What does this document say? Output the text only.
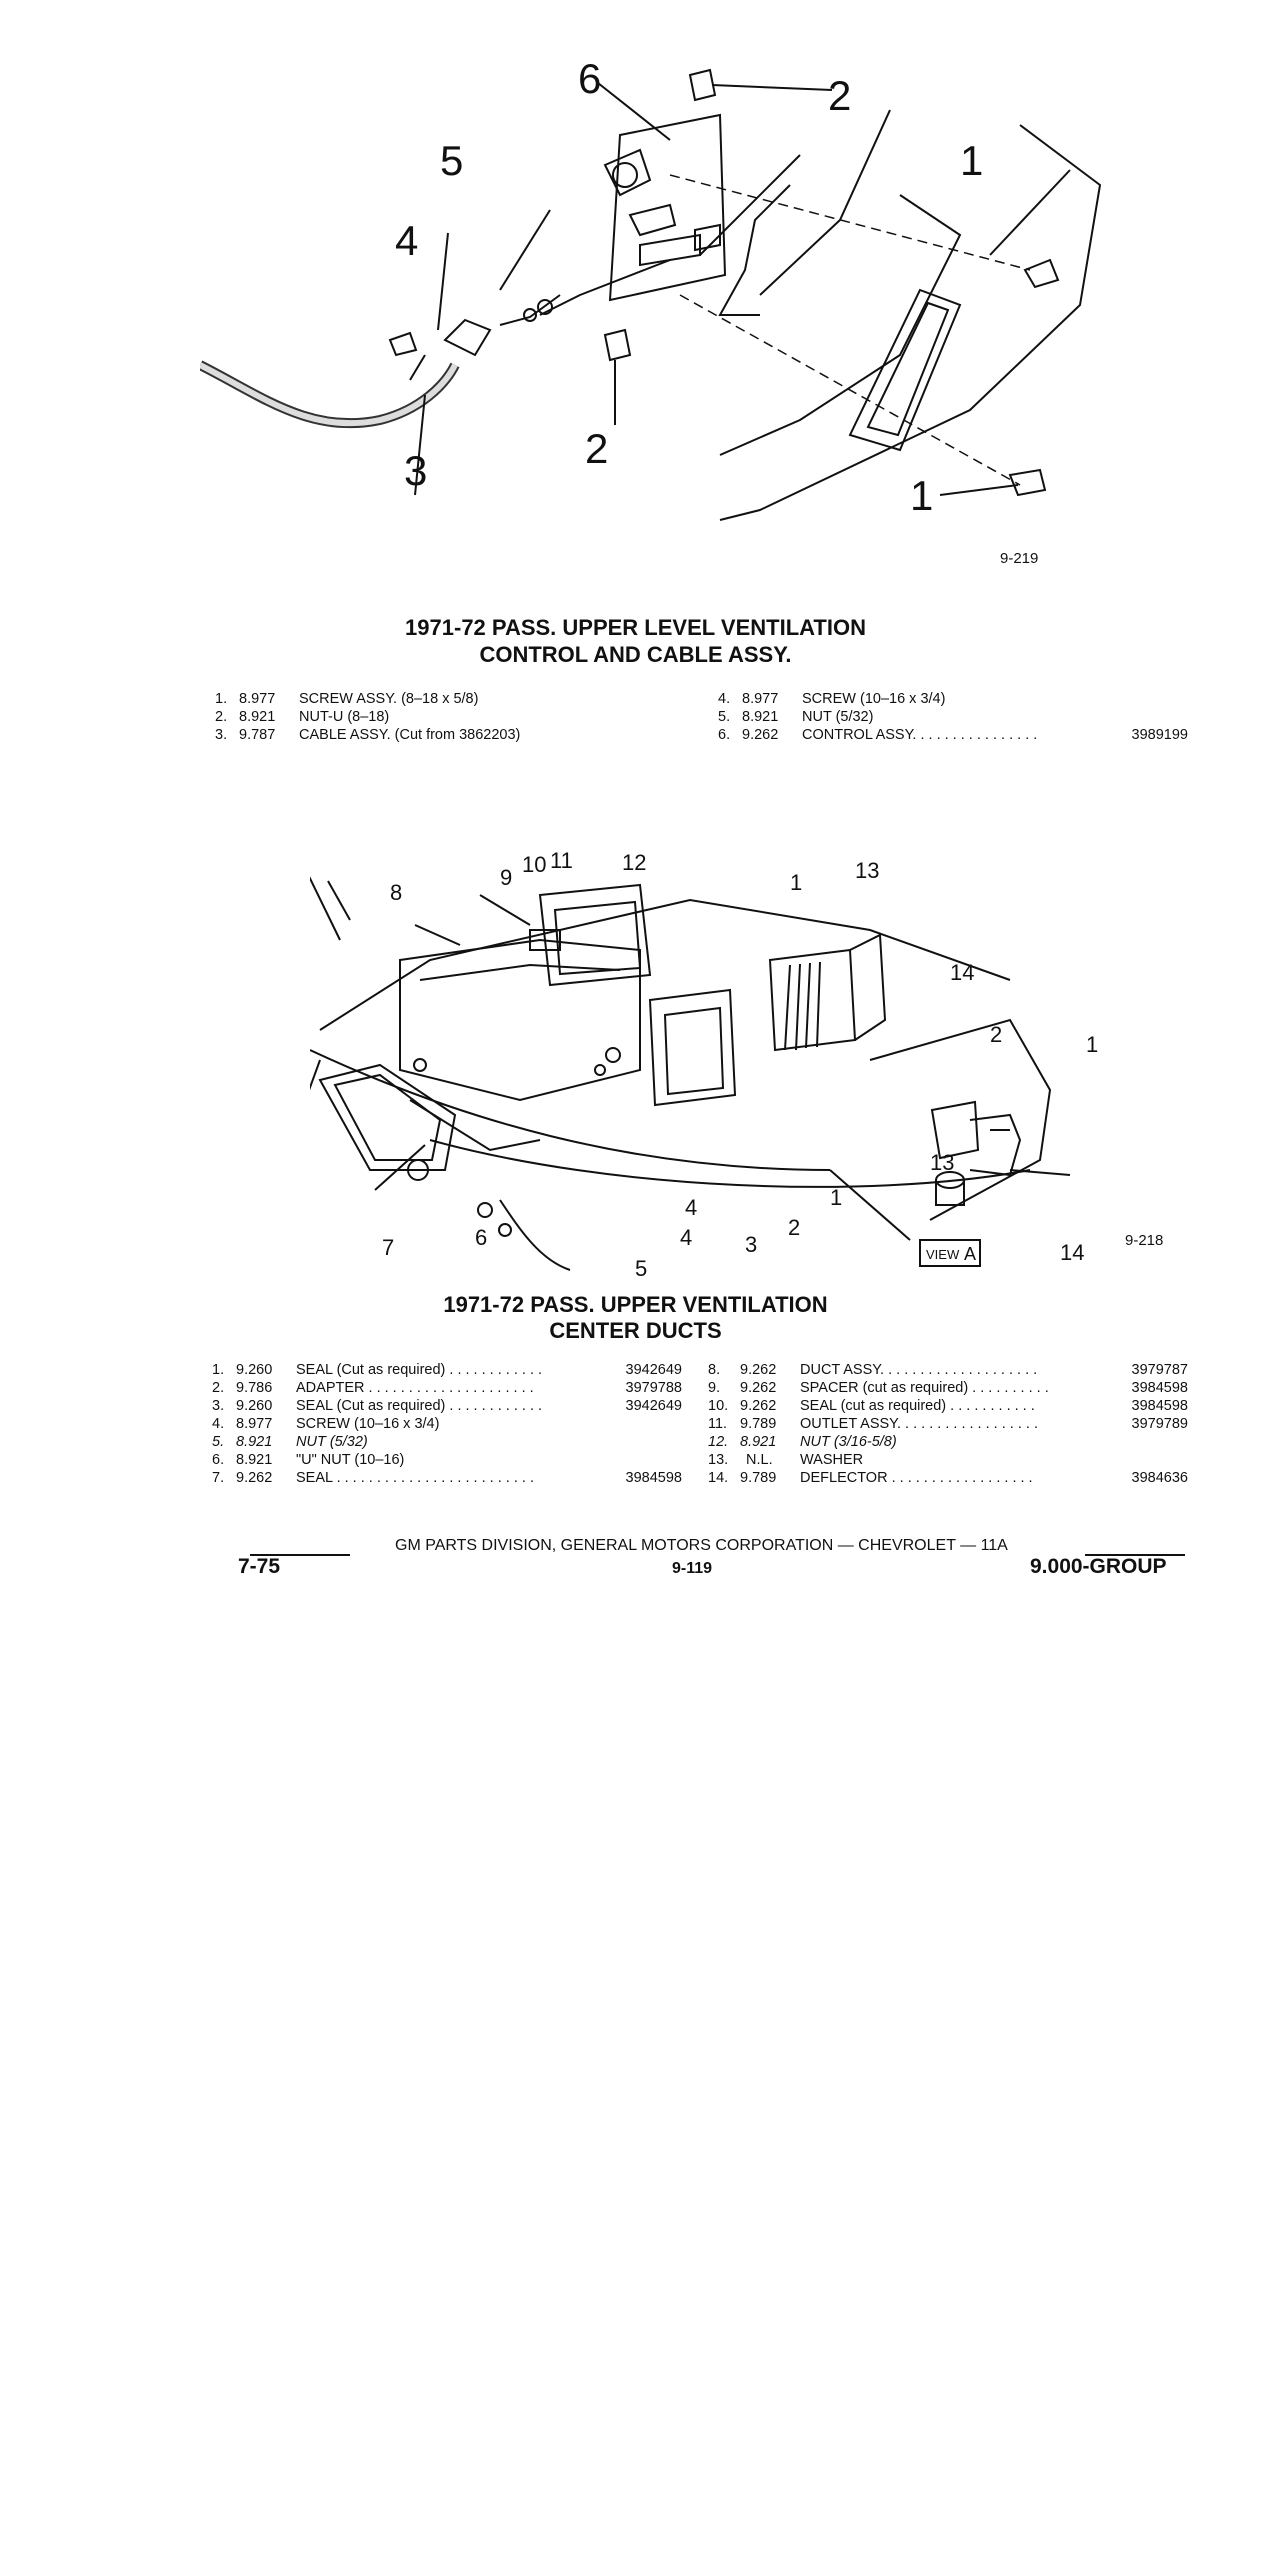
6	2
1
5
4
3	2
1
9-219
1971-72 PASS. UPPER LEVEL VENTILATION
CONTROL AND CABLE ASSY.
1. 8.977 SCREW ASSY. (8–18 x 5/8)
2. 8.921 NUT-U (8–18)
3. 9.787 CABLE ASSY. (Cut from 3862203)
4. 8.977 SCREW (10–16 x 3/4)
5. 8.921 NUT (5/32)
6. 9.262 CONTROL ASSY. . . . . . . . . . . . . . . .	3989199
VIEW A
8
9
10 11 12
1 13
14
2	1
13
14
1
2
3
4
4
5
6
7	9-218
1971-72 PASS. UPPER VENTILATION
CENTER DUCTS
1. 9.260 SEAL (Cut as required) . . . . . . . . . . . .	3942649
2. 9.786 ADAPTER . . . . . . . . . . . . . . . . . . . . .	3979788
3. 9.260 SEAL (Cut as required) . . . . . . . . . . . .	3942649
4. 8.977 SCREW (10–16 x 3/4)
5. 8.921 NUT (5/32)
6. 8.921 "U" NUT (10–16)
7. 9.262 SEAL . . . . . . . . . . . . . . . . . . . . . . . . .	3984598
8. 9.262 DUCT ASSY. . . . . . . . . . . . . . . . . . . .	3979787
9. 9.262 SPACER (cut as required) . . . . . . . . . .	3984598
10. 9.262 SEAL (cut as required) . . . . . . . . . . .	3984598
11. 9.789 OUTLET ASSY. . . . . . . . . . . . . . . . . .	3979789
12. 8.921 NUT (3/16-5/8)
13. N.L. WASHER
14. 9.789 DEFLECTOR . . . . . . . . . . . . . . . . . .	3984636
GM PARTS DIVISION, GENERAL MOTORS CORPORATION — CHEVROLET — 11A
7-75	9-119	9.000-GROUP
